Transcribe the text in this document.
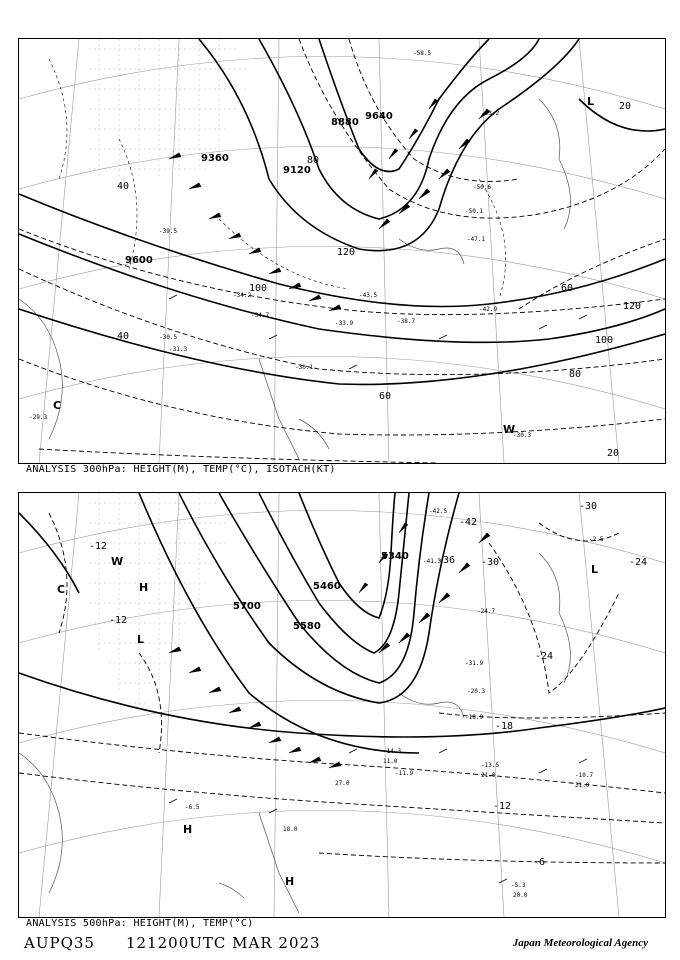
8880
9120
9360
9600
9640
20
20
40
40
60
60
80
80
100
100
120
120
L
W
C
-30.5
-29.3
-34.7
-33.9	-38.7
-42.9
-43.5
-47.1
-50.1
-50.6
-53.2
-58.5
-30.1
-30.3
-31.3
-39.5
-34.2
ANALYSIS 300hPa: HEIGHT(M), TEMP(°C), ISOTACH(KT)
5700
5460
5580
5340
-6
-12
-12
-12
-18
-24
-24
-30
-30
-36
-42
H
H
H
L
L
W
C
-5.3
-6.5
-10.7
-13.5
-14.3
-11.9
-18.9
-20.3
-24.7
-31.9
-41.3
-42.5
-2.5
20.0
18.0
21.0
31.0
11.0
27.0
ANALYSIS 500hPa: HEIGHT(M), TEMP(°C)
AUPQ35 121200UTC MAR 2023	Japan Meteorological Agency
